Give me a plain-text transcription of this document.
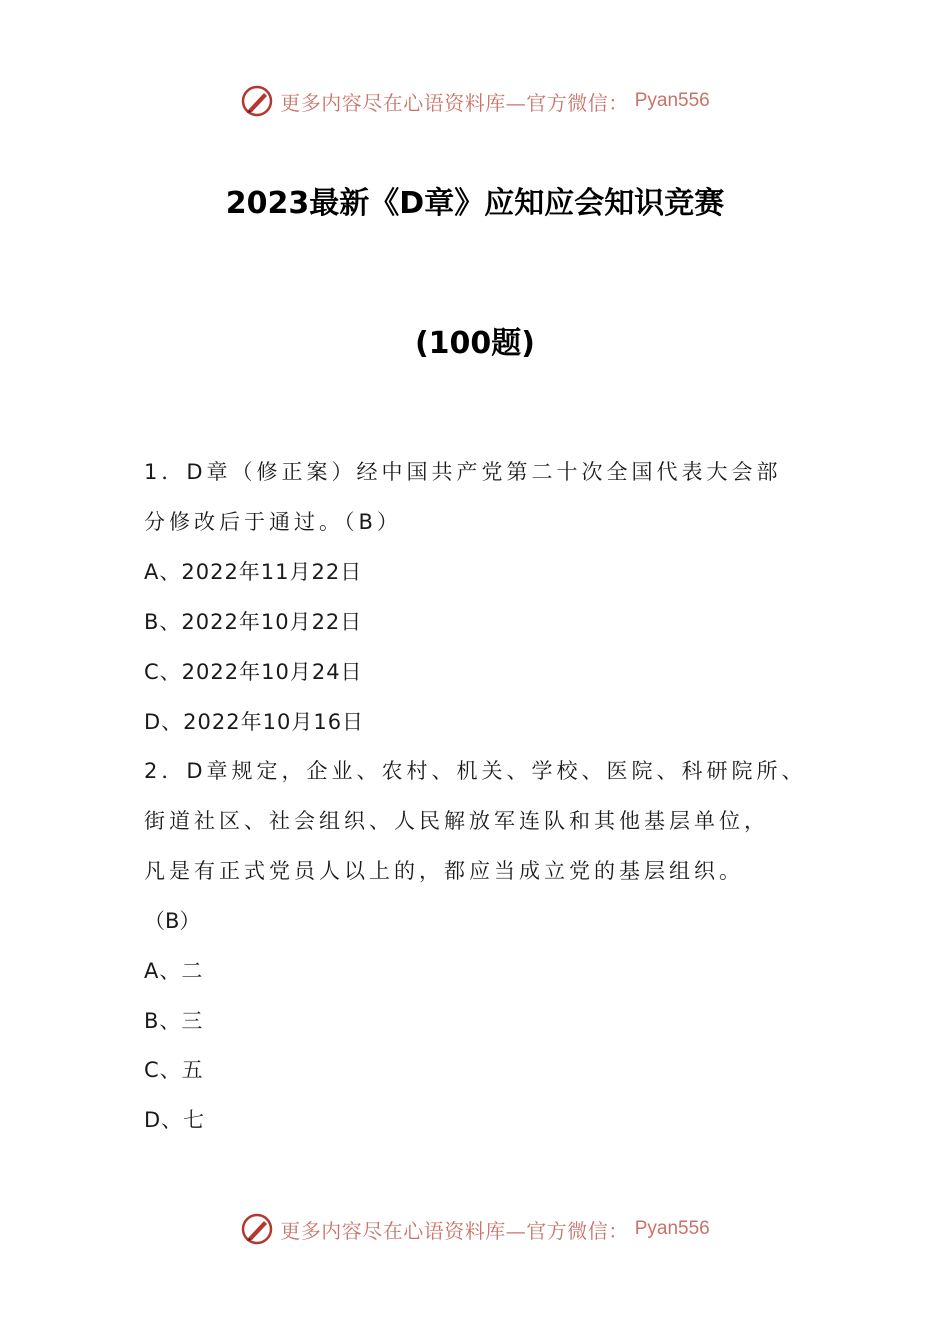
更多内容尽在心语资料库—官方微信： Pyan556
2023最新《D章》应知应会知识竞赛
(100题)
1．D章（修正案）经中国共产党第二十次全国代表大会部
分修改后于通过。（B）
A、2022年11月22日
B、2022年10月22日
C、2022年10月24日
D、2022年10月16日
2．D章规定，企业、农村、机关、学校、医院、科研院所、
街道社区、社会组织、人民解放军连队和其他基层单位，
凡是有正式党员人以上的，都应当成立党的基层组织。
（B）
A、二
B、三
C、五
D、七
更多内容尽在心语资料库—官方微信： Pyan556
